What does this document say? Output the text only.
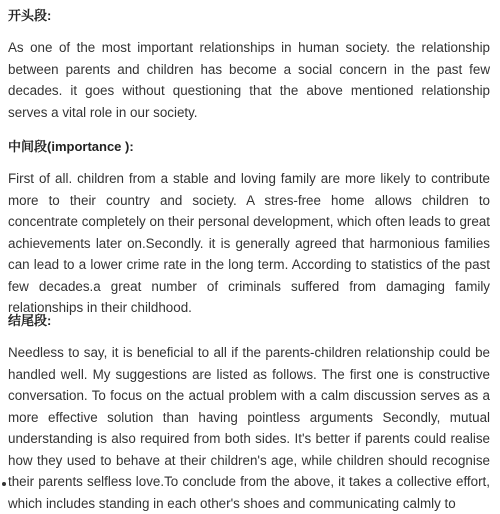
开头段:

As one of the most important relationships in human society. the relationship between parents and children has become a social concern in the past few decades. it goes without questioning that the above mentioned relationship serves a vital role in our society.

中间段(importance ):

First of all. children from a stable and loving family are more likely to contribute more to their country and society. A stres-free home allows children to concentrate completely on their personal development, which often leads to great achievements later on.Secondly. it is generally agreed that harmonious families can lead to a lower crime rate in the long term. According to statistics of the past few decades.a great number of criminals suffered from damaging family relationships in their childhood.

结尾段:

Needless to say, it is beneficial to all if the parents-children relationship could be handled well. My suggestions are listed as follows. The first one is constructive conversation. To focus on the actual problem with a calm discussion serves as a more effective solution than having pointless arguments Secondly, mutual understanding is also required from both sides. It's better if parents could realise how they used to behave at their children's age, while children should recognise their parents selfless love.To conclude from the above, it takes a collective effort, which includes standing in each other's shoes and communicating calmly to
